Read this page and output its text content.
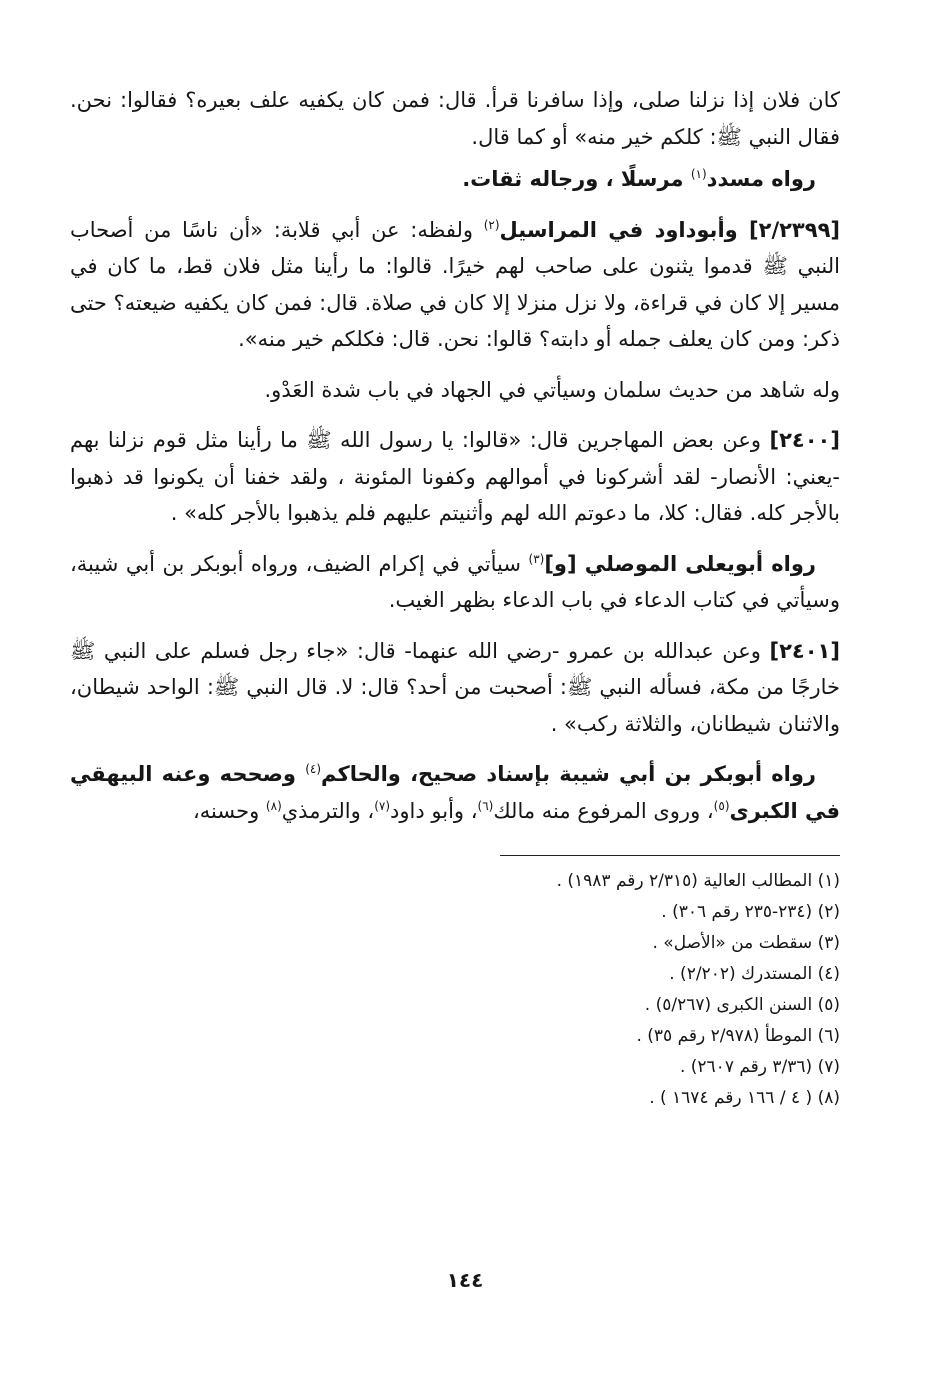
كان فلان إذا نزلنا صلى، وإذا سافرنا قرأ. قال: فمن كان يكفيه علف بعيره؟ فقالوا: نحن. فقال النبي ﷺ: كلكم خير منه» أو كما قال.

رواه مسدد$^{(١)}$ مرسلًا ، ورجاله ثقات.

[٢/٢٣٩٩] وأبوداود في المراسيل$^{(٢)}$ ولفظه: عن أبي قلابة: «أن ناسًا من أصحاب النبي ﷺ قدموا يثنون على صاحب لهم خيرًا. قالوا: ما رأينا مثل فلان قط، ما كان في مسير إلا كان في قراءة، ولا نزل منزلا إلا كان في صلاة. قال: فمن كان يكفيه ضيعته؟ حتى ذكر: ومن كان يعلف جمله أو دابته؟ قالوا: نحن. قال: فكلكم خير منه».

وله شاهد من حديث سلمان وسيأتي في الجهاد في باب شدة العَدْو.

[٢٤٠٠] وعن بعض المهاجرين قال: «قالوا: يا رسول الله ﷺ ما رأينا مثل قوم نزلنا بهم -يعني: الأنصار- لقد أشركونا في أموالهم وكفونا المئونة ، ولقد خفنا أن يكونوا قد ذهبوا بالأجر كله. فقال: كلا، ما دعوتم الله لهم وأثنيتم عليهم فلم يذهبوا بالأجر كله» .

رواه أبويعلى الموصلي [و]$^{(٣)}$ سيأتي في إكرام الضيف، ورواه أبوبكر بن أبي شيبة، وسيأتي في كتاب الدعاء في باب الدعاء بظهر الغيب.

[٢٤٠١] وعن عبدالله بن عمرو -رضي الله عنهما- قال: «جاء رجل فسلم على النبي ﷺ خارجًا من مكة، فسأله النبي ﷺ: أصحبت من أحد؟ قال: لا. قال النبي ﷺ: الواحد شيطان، والاثنان شيطانان، والثلاثة ركب» .

رواه أبوبكر بن أبي شيبة بإسناد صحيح، والحاكم$^{(٤)}$ وصححه وعنه البيهقي في الكبرى$^{(٥)}$، وروى المرفوع منه مالك$^{(٦)}$، وأبو داود$^{(٧)}$، والترمذي$^{(٨)}$ وحسنه،

(١) المطالب العالية (٢/٣١٥ رقم ١٩٨٣) .
(٢) (٢٣٤-٢٣٥ رقم ٣٠٦) .
(٣) سقطت من «الأصل» .
(٤) المستدرك (٢/٢٠٢) .
(٥) السنن الكبرى (٥/٢٦٧) .
(٦) الموطأ (٢/٩٧٨ رقم ٣٥) .
(٧) (٣/٣٦ رقم ٢٦٠٧) .
(٨) ( ٤ / ١٦٦ رقم ١٦٧٤ ) .
١٤٤
